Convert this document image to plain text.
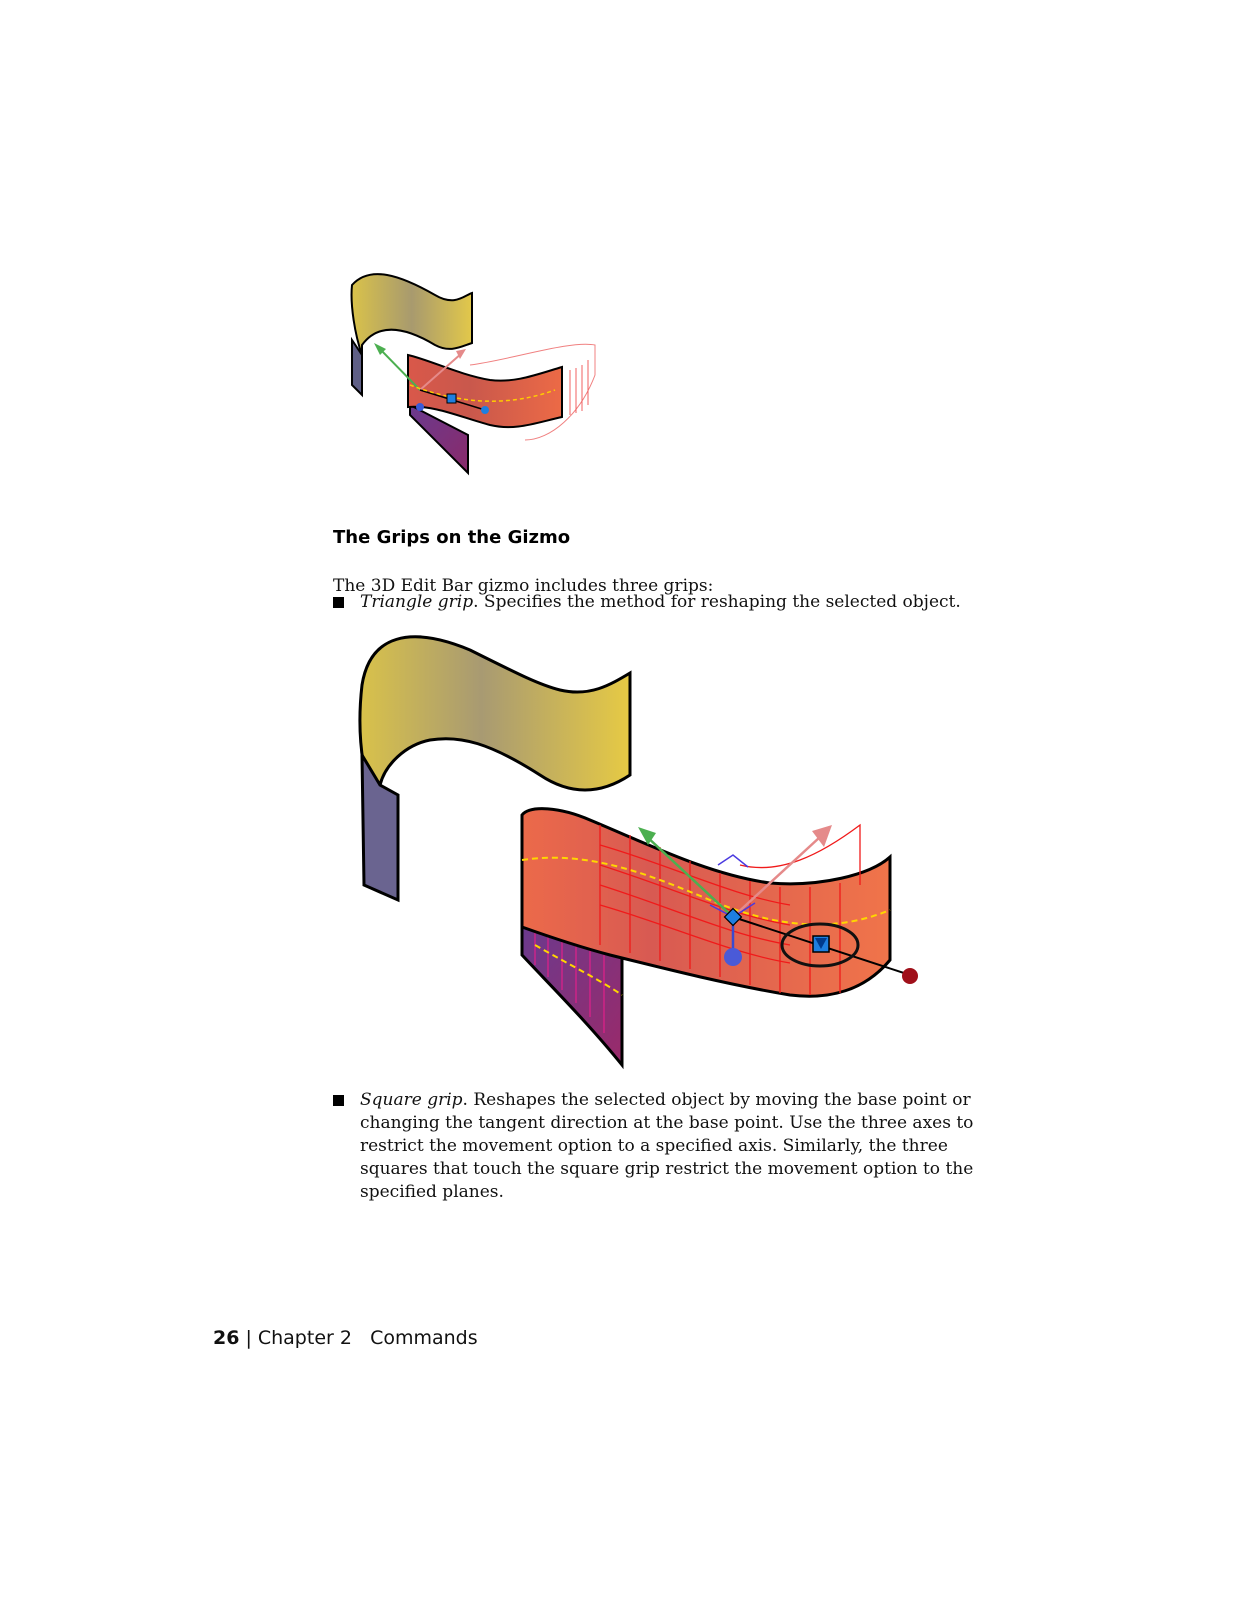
The Grips on the Gizmo
The 3D Edit Bar gizmo includes three grips:
Triangle grip. Specifies the method for reshaping the selected object.
Square grip. Reshapes the selected object by moving the base point or changing the tangent direction at the base point. Use the three axes to restrict the movement option to a specified axis. Similarly, the three squares that touch the square grip restrict the movement option to the specified planes.
26 | Chapter 2 Commands
